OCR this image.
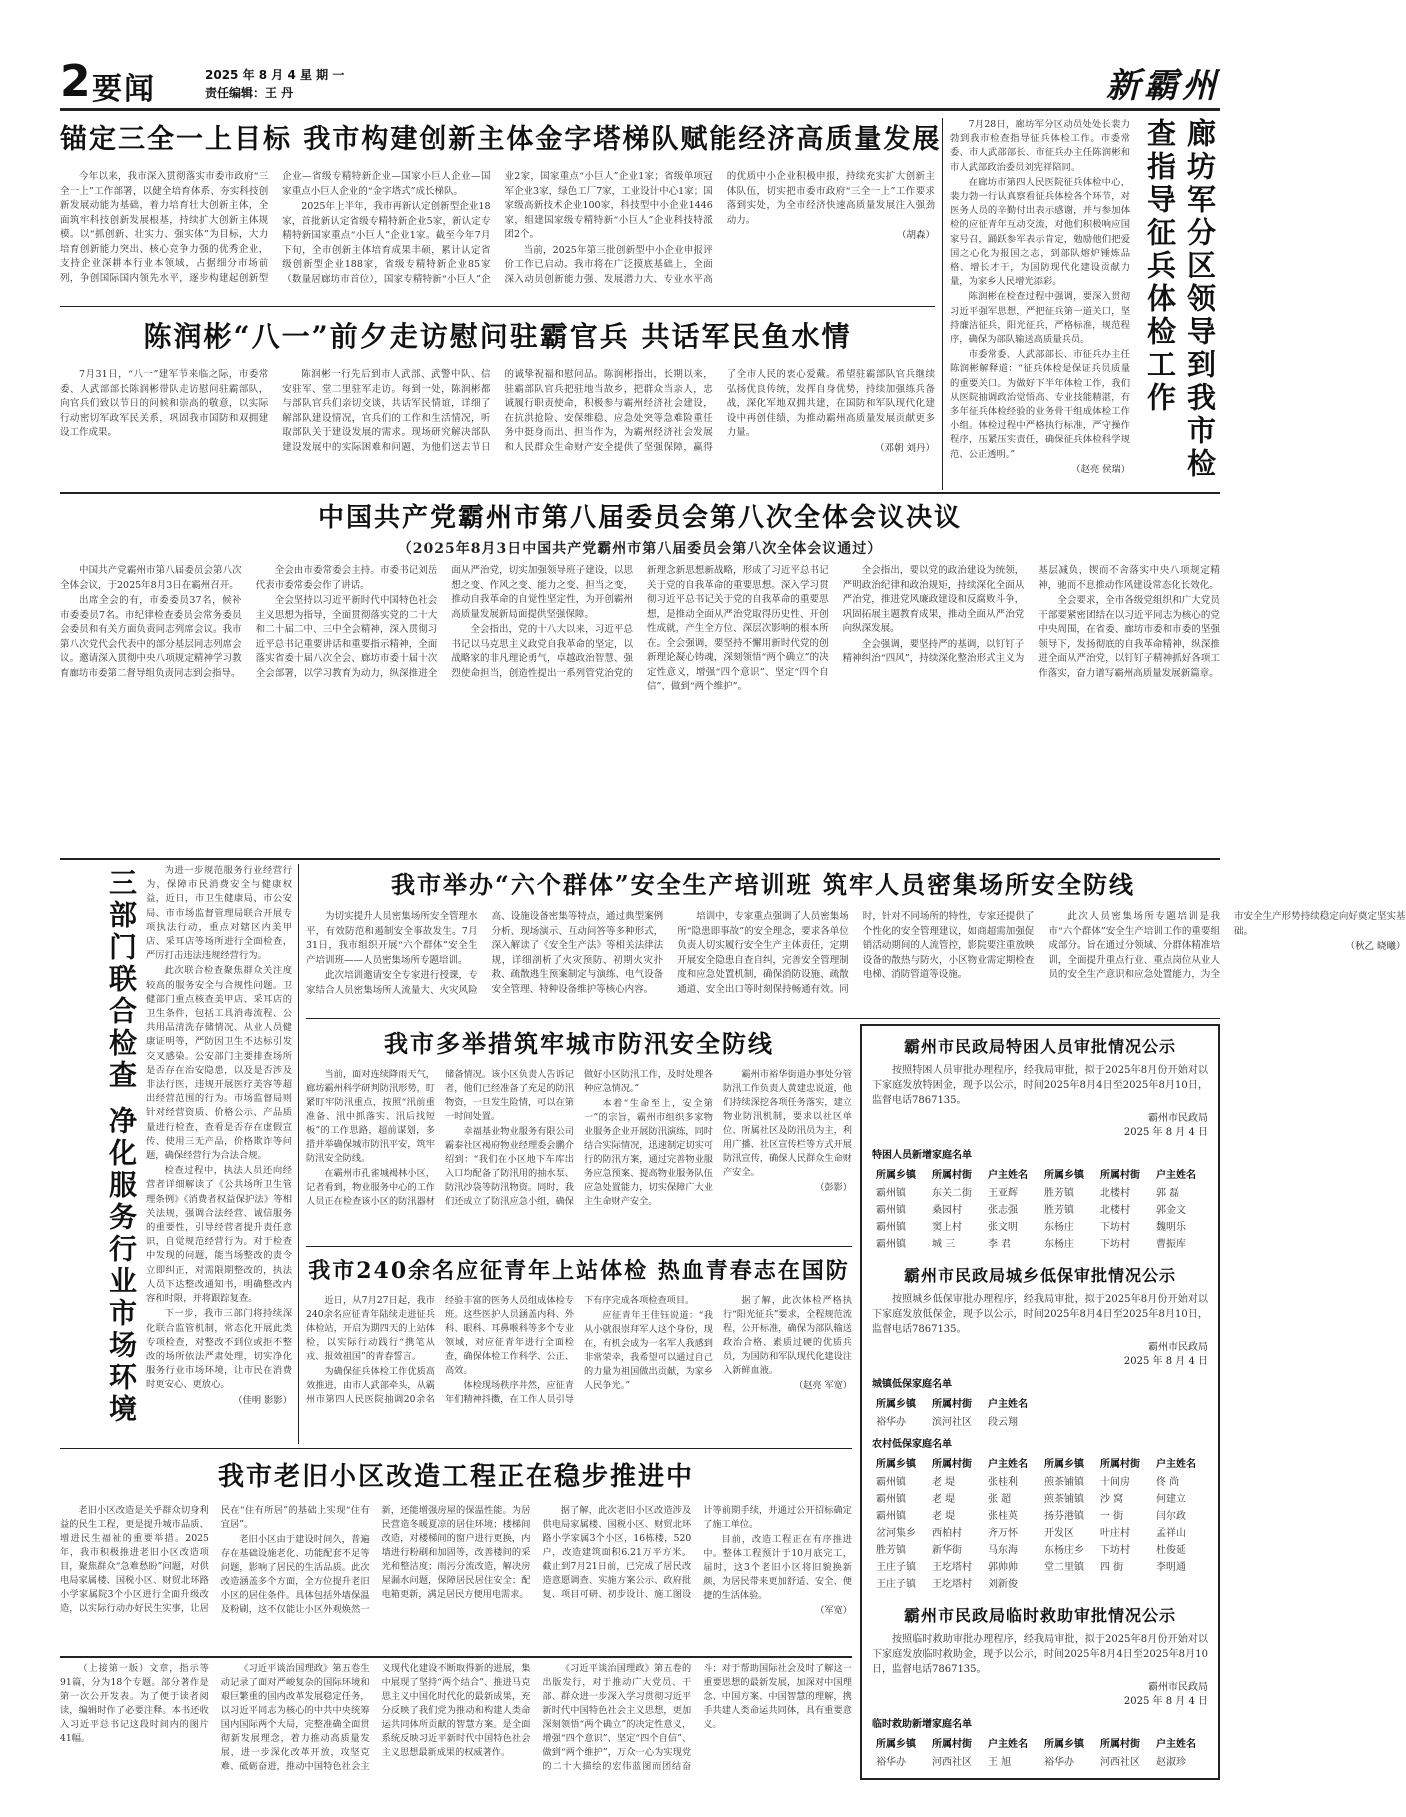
2 要闻	2025 年 8 月 4 星 期 一
责任编辑：王 丹	新霸州
锚定三全一上目标 我市构建创新主体金字塔梯队赋能经济高质量发展

今年以来，我市深入贯彻落实市委市政府“三全一上”工作部署，以健全培育体系、夯实科技创新发展动能为基础，着力培育壮大创新主体，全面筑牢科技创新发展根基，持续扩大创新主体规模。以“抓创新、壮实力、强实体”为目标，大力培育创新能力突出、核心竞争力强的优秀企业，支持企业深耕本行业本领域，占据细分市场前列，争创国际国内领先水平，逐步构建起创新型企业—省级专精特新企业—国家小巨人企业—国家重点小巨人企业的“金字塔式”成长梯队。

2025年上半年，我市再新认定创新型企业18家，首批新认定省级专精特新企业5家，新认定专精特新国家重点“小巨人”企业1家。截至今年7月下旬，全市创新主体培育成果丰硕，累计认定省级创新型企业188家，省级专精特新企业85家（数量居廊坊市首位），国家专精特新“小巨人”企业2家，国家重点“小巨人”企业1家；省级单项冠军企业3家，绿色工厂7家，工业设计中心1家；国家级高新技术企业100家，科技型中小企业1446家，组建国家级专精特新“小巨人”企业科技特派团2个。

当前，2025年第三批创新型中小企业申报评价工作已启动。我市将在广泛摸底基础上，全面深入动员创新能力强、发展潜力大、专业水平高的优质中小企业积极申报，持续充实扩大创新主体队伍，切实把市委市政府“三全一上”工作要求落到实处，为全市经济快速高质量发展注入强劲动力。

（胡森）

陈润彬“八一”前夕走访慰问驻霸官兵 共话军民鱼水情

7月31日，“八一”建军节来临之际，市委常委、人武部部长陈润彬带队走访慰问驻霸部队，向官兵们致以节日的问候和崇高的敬意，以实际行动密切军政军民关系，巩固我市国防和双拥建设工作成果。

陈润彬一行先后到市人武部、武警中队、信安驻军、堂二里驻军走访。每到一处，陈润彬都与部队官兵们亲切交谈，共话军民情谊，详细了解部队建设情况，官兵们的工作和生活情况，听取部队关于建设发展的需求。现场研究解决部队建设发展中的实际困难和问题，为他们送去节日的诚挚祝福和慰问品。陈润彬指出，长期以来，驻霸部队官兵把驻地当故乡，把群众当亲人，忠诚履行职责使命，积极参与霸州经济社会建设，在抗洪抢险、安保维稳、应急处突等急难险重任务中挺身而出、担当作为，为霸州经济社会发展和人民群众生命财产安全提供了坚强保障，赢得了全市人民的衷心爱戴。希望驻霸部队官兵继续弘扬优良传统，发挥自身优势，持续加强练兵备战，深化军地双拥共建，在国防和军队现代化建设中再创佳绩，为推动霸州高质量发展贡献更多力量。

（邓朝 刘丹）

7月28日，廊坊军分区动员处处长裴力勃到我市检查指导征兵体检工作。市委常委、市人武部部长、市征兵办主任陈润彬和市人武部政治委员刘宪祥陪同。

在廊坊市第四人民医院征兵体检中心，裴力勃一行认真察看征兵体检各个环节，对医务人员的辛勤付出表示感谢，并与参加体检的应征青年互动交流，对他们积极响应国家号召，踊跃参军表示肯定，勉励他们把爱国之心化为报国之志，到部队熔炉锤炼品格、增长才干，为国防现代化建设贡献力量，为家乡人民增光添彩。

陈润彬在检查过程中强调，要深入贯彻习近平强军思想，严把征兵第一道关口，坚持廉洁征兵，阳光征兵，严格标准，规范程序，确保为部队输送高质量兵员。

市委常委、人武部部长、市征兵办主任陈润彬解释道：“征兵体检是保证兵员质量的重要关口。为做好下半年体检工作，我们从医院抽调政治觉悟高、专业技能精湛，有多年征兵体检经验的业务骨干组成体检工作小组。体检过程中严格执行标准，严守操作程序，压紧压实责任，确保征兵体检科学规范、公正透明。”

（赵亮 侯瑞）	廊坊军分区领导到我市检查指导征兵体检工作
中国共产党霸州市第八届委员会第八次全体会议决议
（2025年8月3日中国共产党霸州市第八届委员会第八次全体会议通过）

中国共产党霸州市第八届委员会第八次全体会议，于2025年8月3日在霸州召开。

出席全会的有，市委委员37名，候补市委委员7名。市纪律检查委员会常务委员会委员和有关方面负责同志列席会议。我市第八次党代会代表中的部分基层同志列席会议。邀请深入贯彻中央八项规定精神学习教育廊坊市委第二督导组负责同志到会指导。

全会由市委常委会主持。市委书记刘岳代表市委常委会作了讲话。

全会坚持以习近平新时代中国特色社会主义思想为指导，全面贯彻落实党的二十大和二十届二中、三中全会精神，深入贯彻习近平总书记重要讲话和重要指示精神，全面落实省委十届八次全会、廊坊市委十届十次全会部署，以学习教育为动力，纵深推进全面从严治党，切实加强领导班子建设，以思想之变、作风之变、能力之变、担当之变，推动自我革命的自觉性坚定性，为开创霸州高质量发展新局面提供坚强保障。

全会指出，党的十八大以来，习近平总书记以马克思主义政党自我革命的坚定，以战略家的非凡理论勇气，卓越政治智慧、强烈使命担当，创造性提出一系列管党治党的新理念新思想新战略，形成了习近平总书记关于党的自我革命的重要思想。深入学习贯彻习近平总书记关于党的自我革命的重要思想，是推动全面从严治党取得历史性、开创性成就，产生全方位、深层次影响的根本所在。全会强调，要坚持不懈用新时代党的创新理论凝心铸魂，深刻领悟“两个确立”的决定性意义，增强“四个意识”、坚定“四个自信”、做到“两个维护”。

全会指出，要以党的政治建设为统领，严明政治纪律和政治规矩，持续深化全面从严治党，推进党风廉政建设和反腐败斗争，巩固拓展主题教育成果，推动全面从严治党向纵深发展。

全会强调，要坚持严的基调，以钉钉子精神纠治“四风”，持续深化整治形式主义为基层减负，锲而不舍落实中央八项规定精神，驰而不息推动作风建设常态化长效化。

全会要求，全市各级党组织和广大党员干部要紧密团结在以习近平同志为核心的党中央周围，在省委、廊坊市委和市委的坚强领导下，发扬彻底的自我革命精神，纵深推进全面从严治党，以钉钉子精神抓好各项工作落实，奋力谱写霸州高质量发展新篇章。

三部门联合检查 净化服务行业市场环境	为进一步规范服务行业经营行为，保障市民消费安全与健康权益，近日，市卫生健康局、市公安局、市市场监督管理局联合开展专项执法行动，重点对辖区内美甲店、采耳店等场所进行全面检查，严厉打击违法违规经营行为。

此次联合检查聚焦群众关注度较高的服务安全与合规性问题。卫健部门重点核查美甲店、采耳店的卫生条件，包括工具消毒流程、公共用品清洗存储情况、从业人员健康证明等，严防因卫生不达标引发交叉感染。公安部门主要排查场所是否存在治安隐患，以及是否涉及非法行医，违规开展医疗美容等超出经营范围的行为。市场监督局则针对经营资质、价格公示、产品质量进行检查，查看是否存在虚假宣传、使用三无产品，价格欺诈等问题，确保经营行为合法合规。

检查过程中，执法人员还向经营者详细解读了《公共场所卫生管理条例》《消费者权益保护法》等相关法规，强调合法经营、诚信服务的重要性，引导经营者提升责任意识，自觉规范经营行为。对于检查中发现的问题，能当场整改的责令立即纠正，对需限期整改的，执法人员下达整改通知书，明确整改内容和时限，并将跟踪复查。

下一步，我市三部门将持续深化联合监管机制，常态化开展此类专项检查，对整改不到位或拒不整改的场所依法严肃处理，切实净化服务行业市场环境，让市民在消费时更安心、更放心。

（佳明 影影）

我市举办“六个群体”安全生产培训班 筑牢人员密集场所安全防线

为切实提升人员密集场所安全管理水平，有效防范和遏制安全事故发生。7月31日，我市组织开展“六个群体”安全生产培训班——人员密集场所专题培训。

此次培训邀请安全专家进行授课，专家结合人员密集场所人流量大、火灾风险高、设施设备密集等特点，通过典型案例分析、现场演示、互动问答等多种形式，深入解读了《安全生产法》等相关法律法规，详细剖析了火灾预防、初期火灾扑救、疏散逃生预案制定与演练、电气设备安全管理、特种设备维护等核心内容。

培训中，专家重点强调了人员密集场所“隐患即事故”的安全理念，要求各单位负责人切实履行安全生产主体责任，定期开展安全隐患自查自纠，完善安全管理制度和应急处置机制，确保消防设施、疏散通道、安全出口等时刻保持畅通有效。同时，针对不同场所的特性，专家还提供了个性化的安全管理建议，如商超需加强促销活动期间的人流管控，影院要注重放映设备的散热与防火，小区物业需定期检查电梯、消防管道等设施。

此次人员密集场所专题培训是我市“六个群体”安全生产培训工作的重要组成部分。旨在通过分领域、分群体精准培训，全面提升重点行业、重点岗位从业人员的安全生产意识和应急处置能力，为全市安全生产形势持续稳定向好奠定坚实基础。

（秋乙 晓曦）

我市多举措筑牢城市防汛安全防线

当前，面对连续降雨天气，廊坊霸州科学研判防汛形势，盯紧盯牢防汛重点，按照“汛前重准备、汛中抓落实、汛后找短板”的工作思路，超前谋划，多措并举确保城市防汛平安，筑牢防汛安全防线。

在霸州市孔雀城褐林小区，记者看到，物业服务中心的工作人员正在检查该小区的防汛器材储备情况。该小区负责人告诉记者，他们已经准备了充足的防汛物资，一旦发生险情，可以在第一时间处置。

幸福基业物业服务有限公司霸泰社区褐府物业经理委会鹏介绍到：“我们在小区地下车库出入口均配备了防汛用的抽水泵、防汛沙袋等防汛物资。同时，我们还成立了防汛应急小组，确保做好小区防汛工作，及时处理各种应急情况。”

本着“生命至上，安全第一”的宗旨，霸州市组织多家物业服务企业开展防汛演练，同时结合实际情况，迅速制定切实可行的防汛方案，通过完善物业服务应急预案、提高物业服务队伍应急处置能力，切实保障广大业主生命财产安全。

霸州市裕华街道办事处分管防汛工作负责人黄建忠说道，他们持续深挖各项任务落实，建立物业防汛机制，要求以社区单位、所属社区及防汛员为主，利用广播、社区宣传栏等方式开展防汛宣传，确保人民群众生命财产安全。

（彭影）

我市240余名应征青年上站体检 热血青春志在国防

近日，从7月27日起，我市240余名应征青年陆续走进征兵体检站，开启为期四天的上站体检，以实际行动践行“携笔从戎、报效祖国”的青春誓言。

为确保征兵体检工作优质高效推进，由市人武部牵头，从霸州市第四人民医院抽调20余名经验丰富的医务人员组成体检专班。这些医护人员涵盖内科、外科、眼科、耳鼻喉科等多个专业领域，对应征青年进行全面检查，确保体检工作科学、公正、高效。

体检现场秩序井然，应征青年们精神抖擞，在工作人员引导下有序完成各项检查项目。

应征青年王佳钰说道：“我从小就很崇拜军人这个身份，现在，有机会成为一名军人我感到非常荣幸，我希望可以通过自己的力量为祖国做出贡献，为家乡人民争光。”

据了解，此次体检严格执行“阳光征兵”要求，全程规范流程，公开标准，确保为部队输送政治合格、素质过硬的优质兵员，为国防和军队现代化建设注入新鲜血液。

（赵亮 军宽）

我市老旧小区改造工程正在稳步推进中

老旧小区改造是关乎群众切身利益的民生工程，更是提升城市品质、增进民生福祉的重要举措。2025年，我市积极推进老旧小区改造项目，聚焦群众“急难愁盼”问题，对供电局家属楼、国税小区、财贸北环路小学家属院3个小区进行全面升级改造，以实际行动办好民生实事，让居民在“住有所居”的基础上实现“住有宜居”。

老旧小区由于建设时间久，普遍存在基础设施老化、功能配套不足等问题，影响了居民的生活品质。此次改造涵盖多个方面，全方位提升老旧小区的居住条件。具体包括外墙保温及粉刷，这不仅能让小区外观焕然一新，还能增强房屋的保温性能。为居民营造冬暖夏凉的居住环境；楼梯间改造，对楼梯间的窗户进行更换，内墙进行粉刷和加固等，改善楼间的采光和整洁度；雨污分流改造，解决房屋漏水问题，保障居民居住安全；配电箱更新，满足居民方便用电需求。

据了解，此次老旧小区改造涉及供电局家属楼、国税小区、财贸北环路小学家属3个小区，16栋楼，520户，改造建筑面积6.21万平方米。截止到7月21日前，已完成了居民改造意愿调查、实施方案公示、政府批复、项目可研、初步设计、施工图设计等前期手续，并通过公开招标确定了施工单位。

目前，改造工程正在有序推进中。整体工程预计于10月底完工，届时，这3个老旧小区将旧貌换新颜，为居民带来更加舒适、安全、便捷的生活体验。

（军宽）

（上接第一版）文章，指示等91篇，分为18个专题。部分著作是第一次公开发表。为了便于读者阅读，编辑时作了必要注释。本书还收入习近平总书记这段时间内的图片41幅。

《习近平谈治国理政》第五卷生动记录了面对严峻复杂的国际环境和艰巨繁重的国内改革发展稳定任务，以习近平同志为核心的中共中央统筹国内国际两个大局，完整准确全面贯彻新发展理念，着力推动高质量发展，进一步深化改革开放，攻坚克难、砥砺奋进，推动中国特色社会主义现代化建设不断取得新的进展，集中展现了坚持“两个结合”、推进马克思主义中国化时代化的最新成果，充分反映了我们党为推动和构建人类命运共同体所贡献的智慧方案。是全面系统反映习近平新时代中国特色社会主义思想最新成果的权威著作。

《习近平谈治国理政》第五卷的出版发行，对于推动广大党员、干部、群众进一步深入学习贯彻习近平新时代中国特色社会主义思想，更加深刻领悟“两个确立”的决定性意义，增强“四个意识”、坚定“四个自信”、做到“两个维护”，万众一心为实现党的二十大描绘的宏伟蓝图而团结奋斗；对于帮助国际社会及时了解这一重要思想的最新发展，加深对中国理念、中国方案、中国智慧的理解，携手共建人类命运共同体，具有重要意义。

霸州市民政局特困人员审批情况公示
按照特困人员审批办理程序，经我局审批，拟于2025年8月份开始对以下家庭发放特困金，现予以公示，时间2025年8月4日至2025年8月10日，监督电话7867135。
霸州市民政局
2025 年 8 月 4 日
特困人员新增家庭名单
所属乡镇	所属村街	户主姓名	所属乡镇	所属村街	户主姓名
霸州镇	东关二街	王亚辉	胜芳镇	北楼村	郭 磊
霸州镇	桑园村	张志强	胜芳镇	北楼村	郭金文
霸州镇	窦上村	张文明	东杨庄	下坊村	魏明乐
霸州镇	城 三	李 君	东杨庄	下坊村	曹振库
霸州市民政局城乡低保审批情况公示
按照城乡低保审批办理程序，经我局审批，拟于2025年8月份开始对以下家庭发放低保金，现予以公示，时间2025年8月4日至2025年8月10日，监督电话7867135。
霸州市民政局
2025 年 8 月 4 日
城镇低保家庭名单
所属乡镇	所属村街	户主姓名
裕华办	滨河社区	段云翔
农村低保家庭名单
所属乡镇	所属村街	户主姓名	所属乡镇	所属村街	户主姓名
霸州镇	老 堤	张桂利	煎茶铺镇	十间房	佟 尚
霸州镇	老 堤	张 超	煎茶铺镇	沙 窝	何建立
霸州镇	老 堤	张桂英	扬芬港镇	一 街	闫尔政
岔河集乡	西柏村	齐万怀	开发区	叶庄村	孟祥山
胜芳镇	新华街	马东海	东杨庄乡	下坊村	杜俊延
王庄子镇	王圪塔村	郭帅帅	堂二里镇	四 街	李明通
王庄子镇	王圪塔村	刘新俊			
霸州市民政局临时救助审批情况公示
按照临时救助审批办理程序，经我局审批，拟于2025年8月份开始对以下家庭发放临时救助金，现予以公示，时间2025年8月4日至2025年8月10日，监督电话7867135。
霸州市民政局
2025 年 8 月 4 日
临时救助新增家庭名单
所属乡镇	所属村街	户主姓名	所属乡镇	所属村街	户主姓名
裕华办	河西社区	王 旭	裕华办	河西社区	赵淑珍
